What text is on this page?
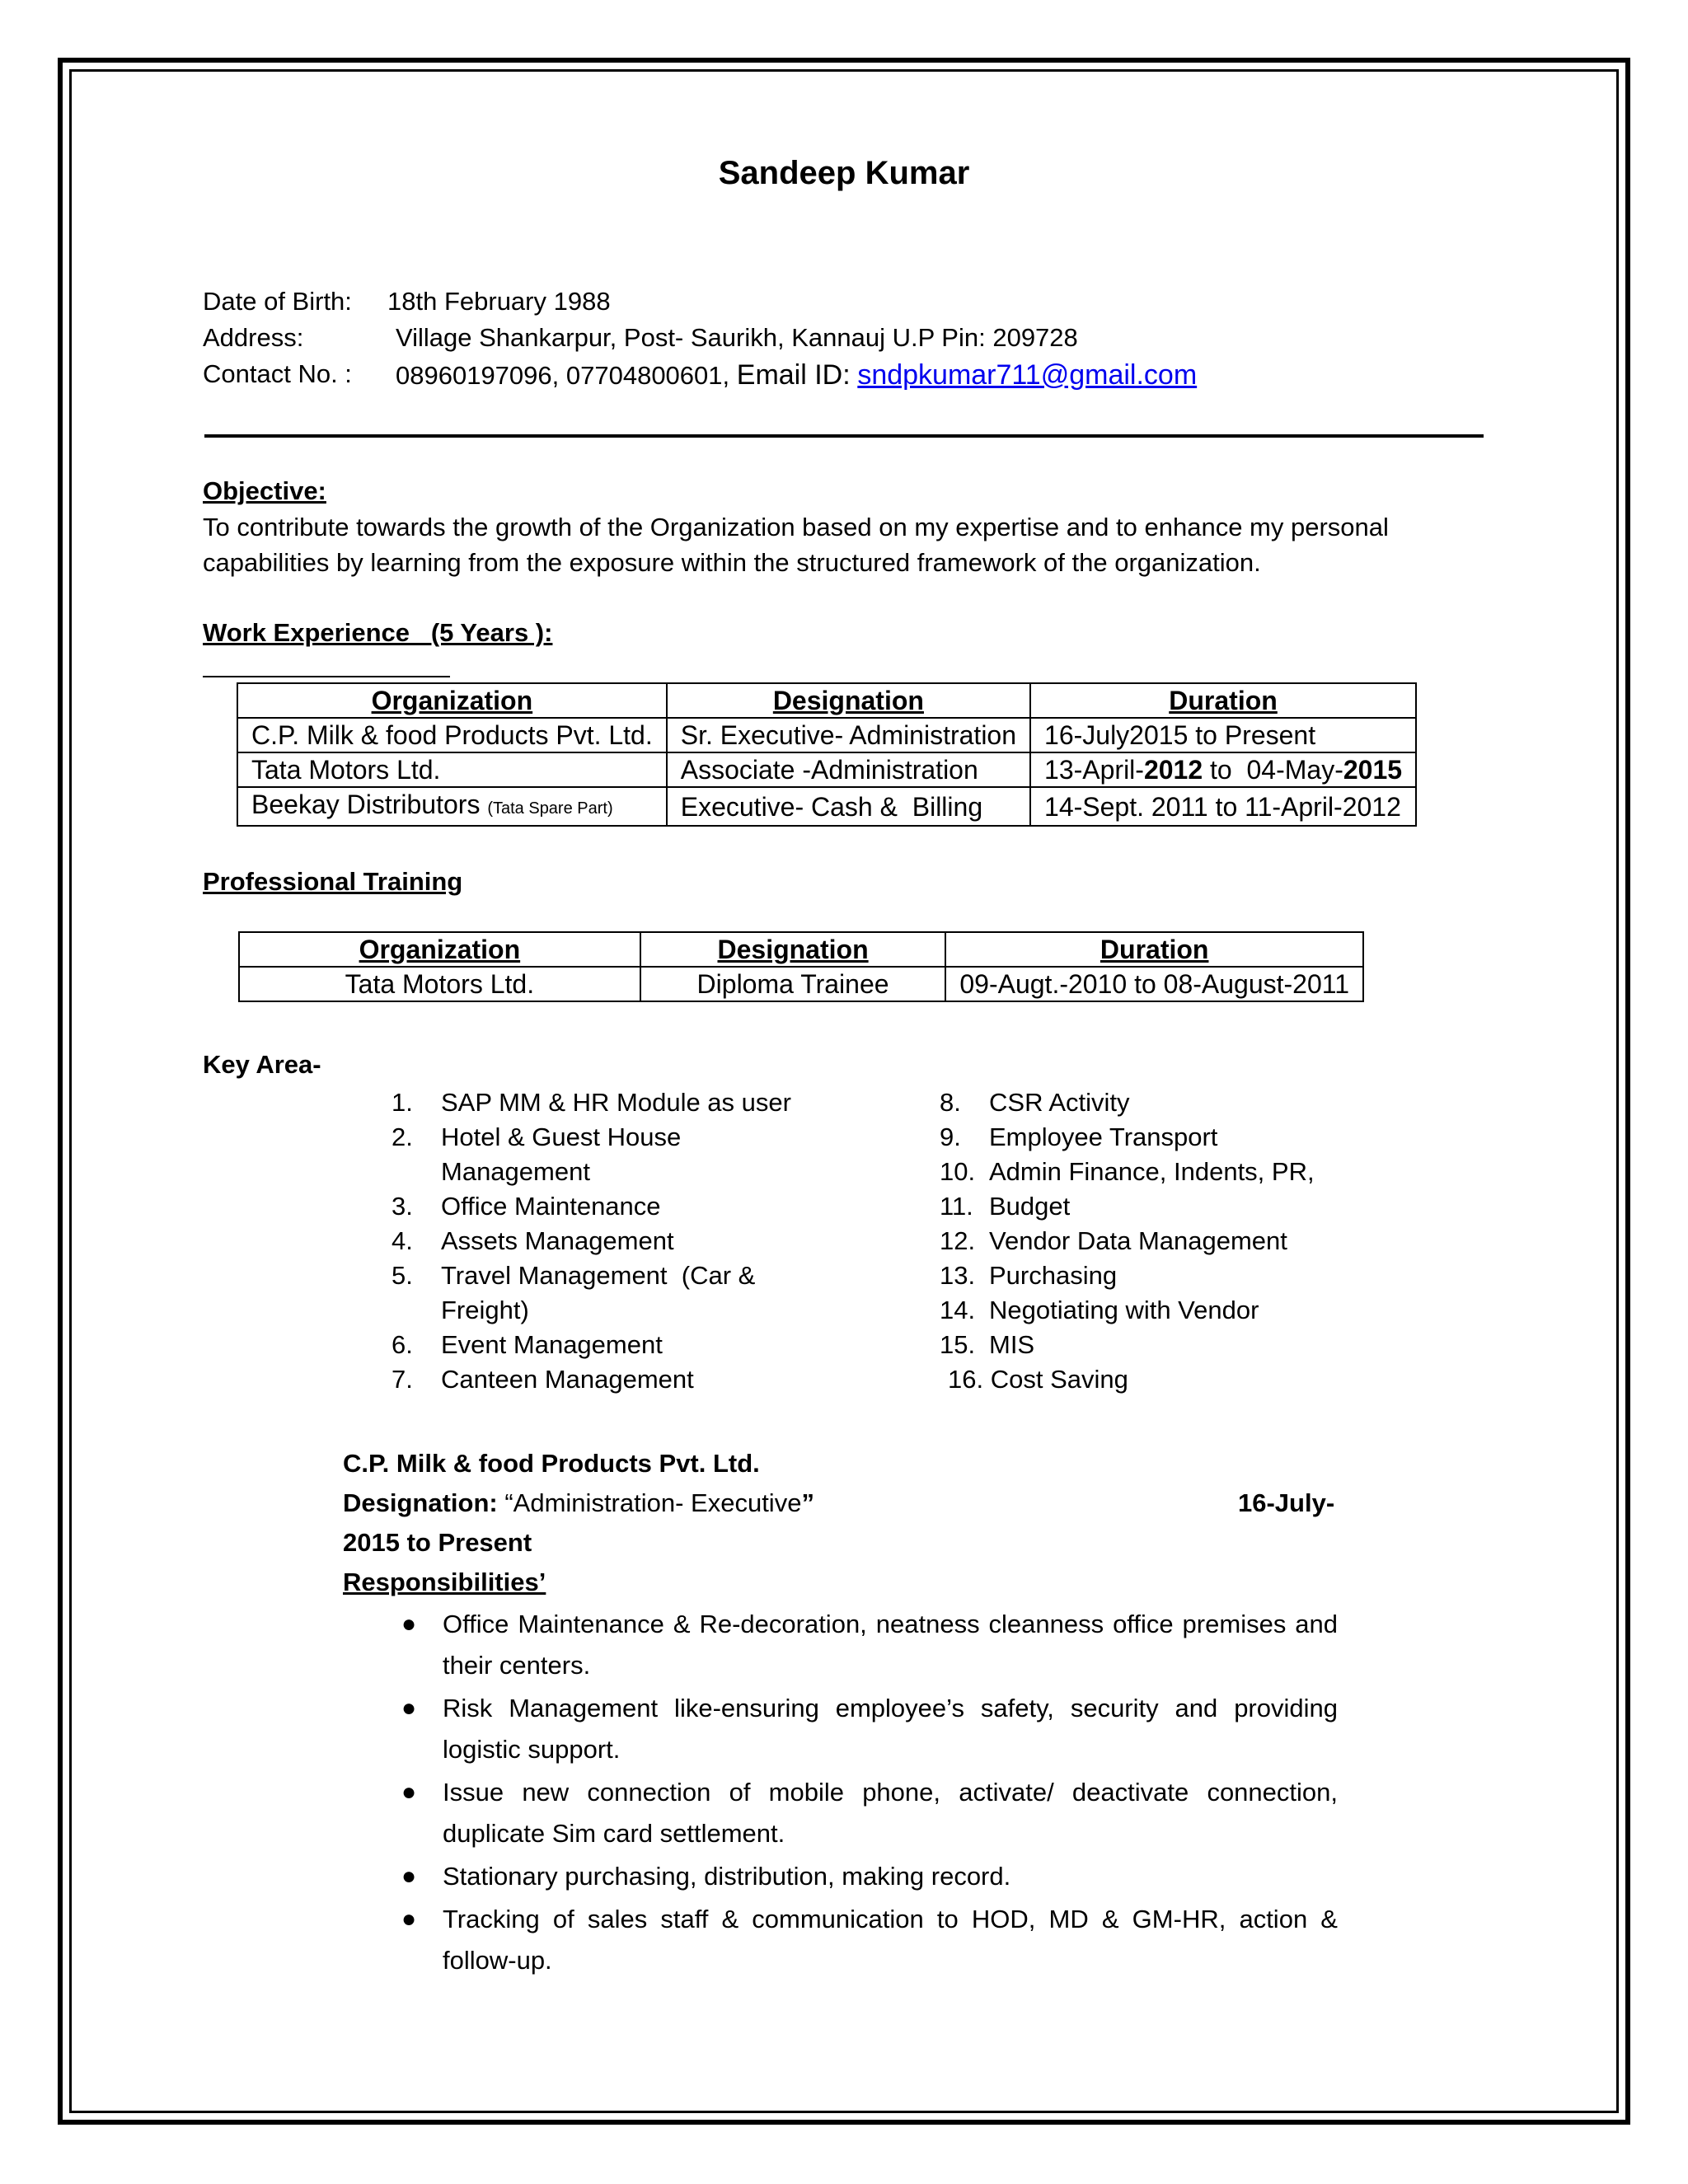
Sandeep Kumar
Date of Birth: 18th February 1988
Address:	Village Shankarpur, Post- Saurikh, Kannauj U.P Pin: 209728
Contact No. : 08960197096, 07704800601, Email ID: sndpkumar711@gmail.com
Objective:
To contribute towards the growth of the Organization based on my expertise and to enhance my personal capabilities by learning from the exposure within the structured framework of the organization.
Work Experience   (5 Years ):
Organization	Designation	Duration
C.P. Milk & food Products Pvt. Ltd.	Sr. Executive- Administration	16-July2015 to Present
Tata Motors Ltd.	Associate -Administration	13-April-2012 to  04-May-2015
Beekay Distributors (Tata Spare Part)	Executive- Cash &  Billing	14-Sept. 2011 to 11-April-2012
Professional Training
Organization	Designation	Duration
Tata Motors Ltd.	Diploma Trainee	09-Augt.-2010 to 08-August-2011
Key Area-
1. SAP MM & HR Module as user
2. Hotel & Guest House
Management
3. Office Maintenance
4. Assets Management
5. Travel Management  (Car &
Freight)
6. Event Management
7. Canteen Management
8. CSR Activity
9. Employee Transport
10. Admin Finance, Indents, PR,
11. Budget
12. Vendor Data Management
13. Purchasing
14. Negotiating with Vendor
15. MIS
16. Cost Saving
C.P. Milk & food Products Pvt. Ltd.
Designation: “Administration- Executive”	16-July-
2015 to Present
Responsibilities’
● Office Maintenance & Re-decoration, neatness cleanness office premises and their centers.
● Risk Management like-ensuring employee’s safety, security and providing logistic support.
● Issue new connection of mobile phone, activate/ deactivate connection, duplicate Sim card settlement.
● Stationary purchasing, distribution, making record.
● Tracking of sales staff & communication to HOD, MD & GM-HR, action & follow-up.
